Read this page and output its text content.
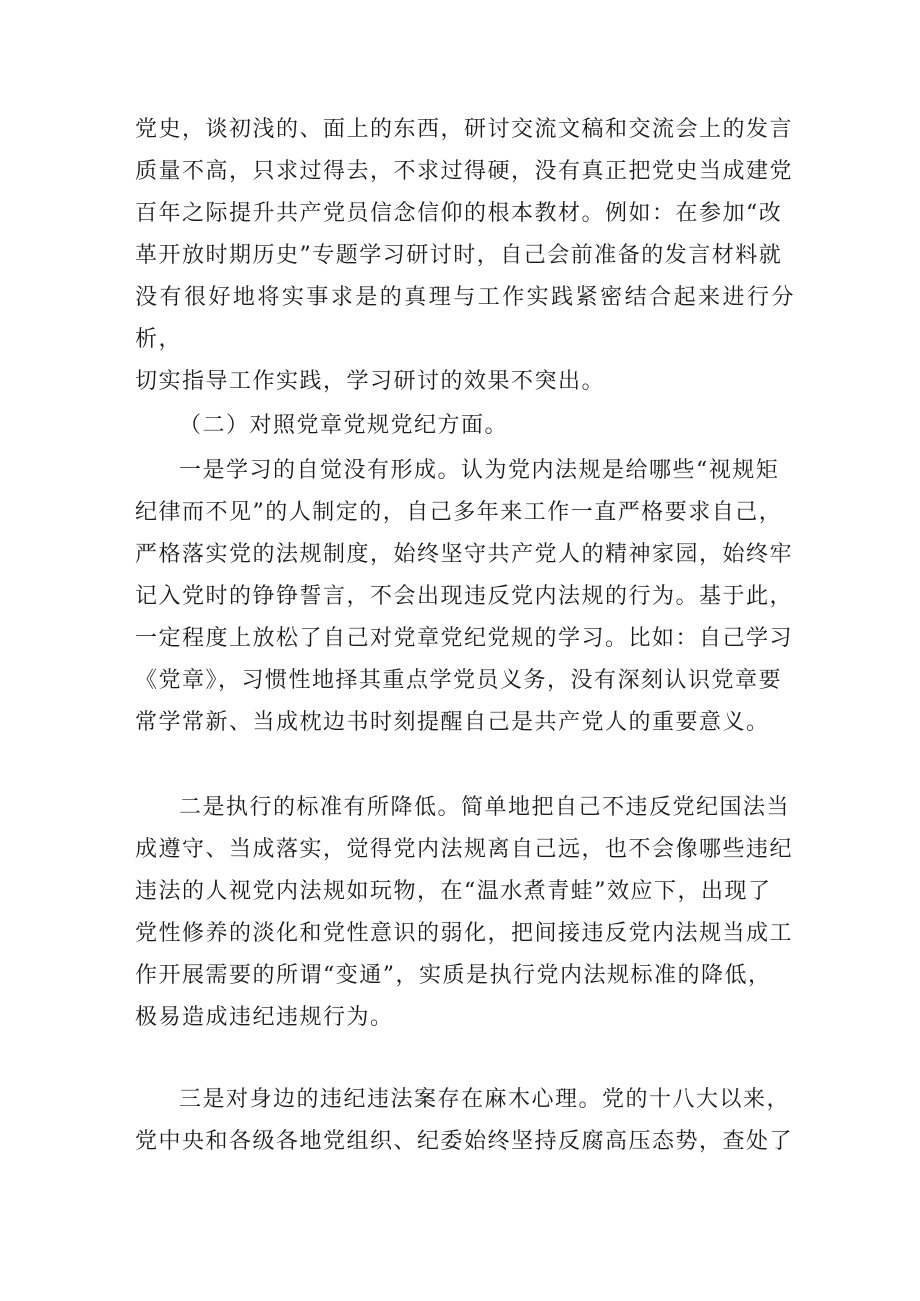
党史，谈初浅的、面上的东西，研讨交流文稿和交流会上的发言
质量不高，只求过得去，不求过得硬，没有真正把党史当成建党
百年之际提升共产党员信念信仰的根本教材。例如：在参加“改
革开放时期历史”专题学习研讨时，自己会前准备的发言材料就
没有很好地将实事求是的真理与工作实践紧密结合起来进行分析，
切实指导工作实践，学习研讨的效果不突出。
（二）对照党章党规党纪方面。
一是学习的自觉没有形成。认为党内法规是给哪些“视规矩
纪律而不见”的人制定的，自己多年来工作一直严格要求自己，
严格落实党的法规制度，始终坚守共产党人的精神家园，始终牢
记入党时的铮铮誓言，不会出现违反党内法规的行为。基于此，
一定程度上放松了自己对党章党纪党规的学习。比如：自己学习
《党章》，习惯性地择其重点学党员义务，没有深刻认识党章要
常学常新、当成枕边书时刻提醒自己是共产党人的重要意义。
二是执行的标准有所降低。简单地把自己不违反党纪国法当
成遵守、当成落实，觉得党内法规离自己远，也不会像哪些违纪
违法的人视党内法规如玩物，在“温水煮青蛙”效应下，出现了
党性修养的淡化和党性意识的弱化，把间接违反党内法规当成工
作开展需要的所谓“变通”，实质是执行党内法规标准的降低，
极易造成违纪违规行为。
三是对身边的违纪违法案存在麻木心理。党的十八大以来，
党中央和各级各地党组织、纪委始终坚持反腐高压态势，查处了
